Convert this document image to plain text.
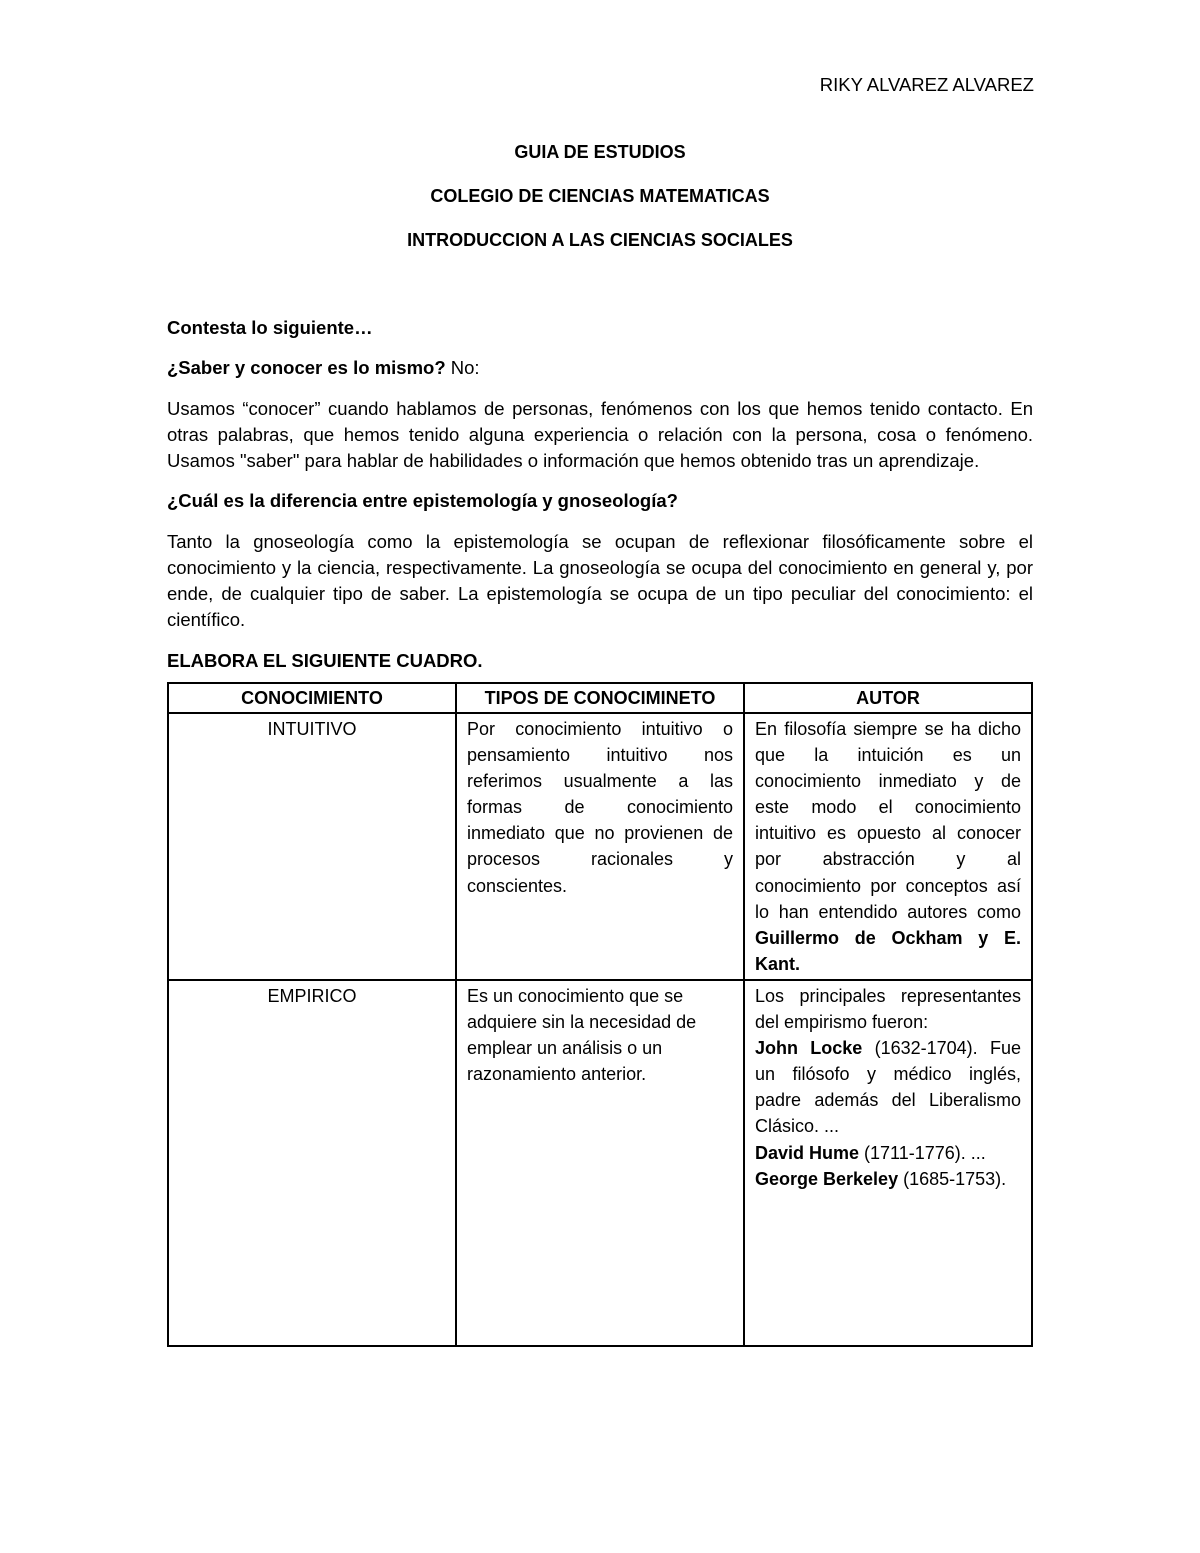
RIKY ALVAREZ ALVAREZ
GUIA DE ESTUDIOS
COLEGIO DE CIENCIAS MATEMATICAS
INTRODUCCION A LAS CIENCIAS SOCIALES

Contesta lo siguiente…

¿Saber y conocer es lo mismo? No:

Usamos “conocer” cuando hablamos de personas, fenómenos con los que hemos tenido contacto. En otras palabras, que hemos tenido alguna experiencia o relación con la persona, cosa o fenómeno. Usamos "saber" para hablar de habilidades o información que hemos obtenido tras un aprendizaje.

¿Cuál es la diferencia entre epistemología y gnoseología?

Tanto la gnoseología como la epistemología se ocupan de reflexionar filosóficamente sobre el conocimiento y la ciencia, respectivamente. La gnoseología se ocupa del conocimiento en general y, por ende, de cualquier tipo de saber. La epistemología se ocupa de un tipo peculiar del conocimiento: el científico.

ELABORA EL SIGUIENTE CUADRO.

CONOCIMIENTO	TIPOS DE CONOCIMINETO	AUTOR
INTUITIVO	Por conocimiento intuitivo o pensamiento intuitivo nos referimos usualmente a las formas de conocimiento inmediato que no provienen de procesos racionales y conscientes.	En filosofía siempre se ha dicho que la intuición es un conocimiento inmediato y de este modo el conocimiento intuitivo es opuesto al conocer por abstracción y al conocimiento por conceptos así lo han entendido autores como Guillermo de Ockham y E. Kant.
EMPIRICO	Es un conocimiento que se adquiere sin la necesidad de emplear un análisis o un razonamiento anterior.	Los principales representantes del empirismo fueron:
John Locke (1632-1704). Fue un filósofo y médico inglés, padre además del Liberalismo Clásico. ...
David Hume (1711-1776). ...
George Berkeley (1685-1753).
